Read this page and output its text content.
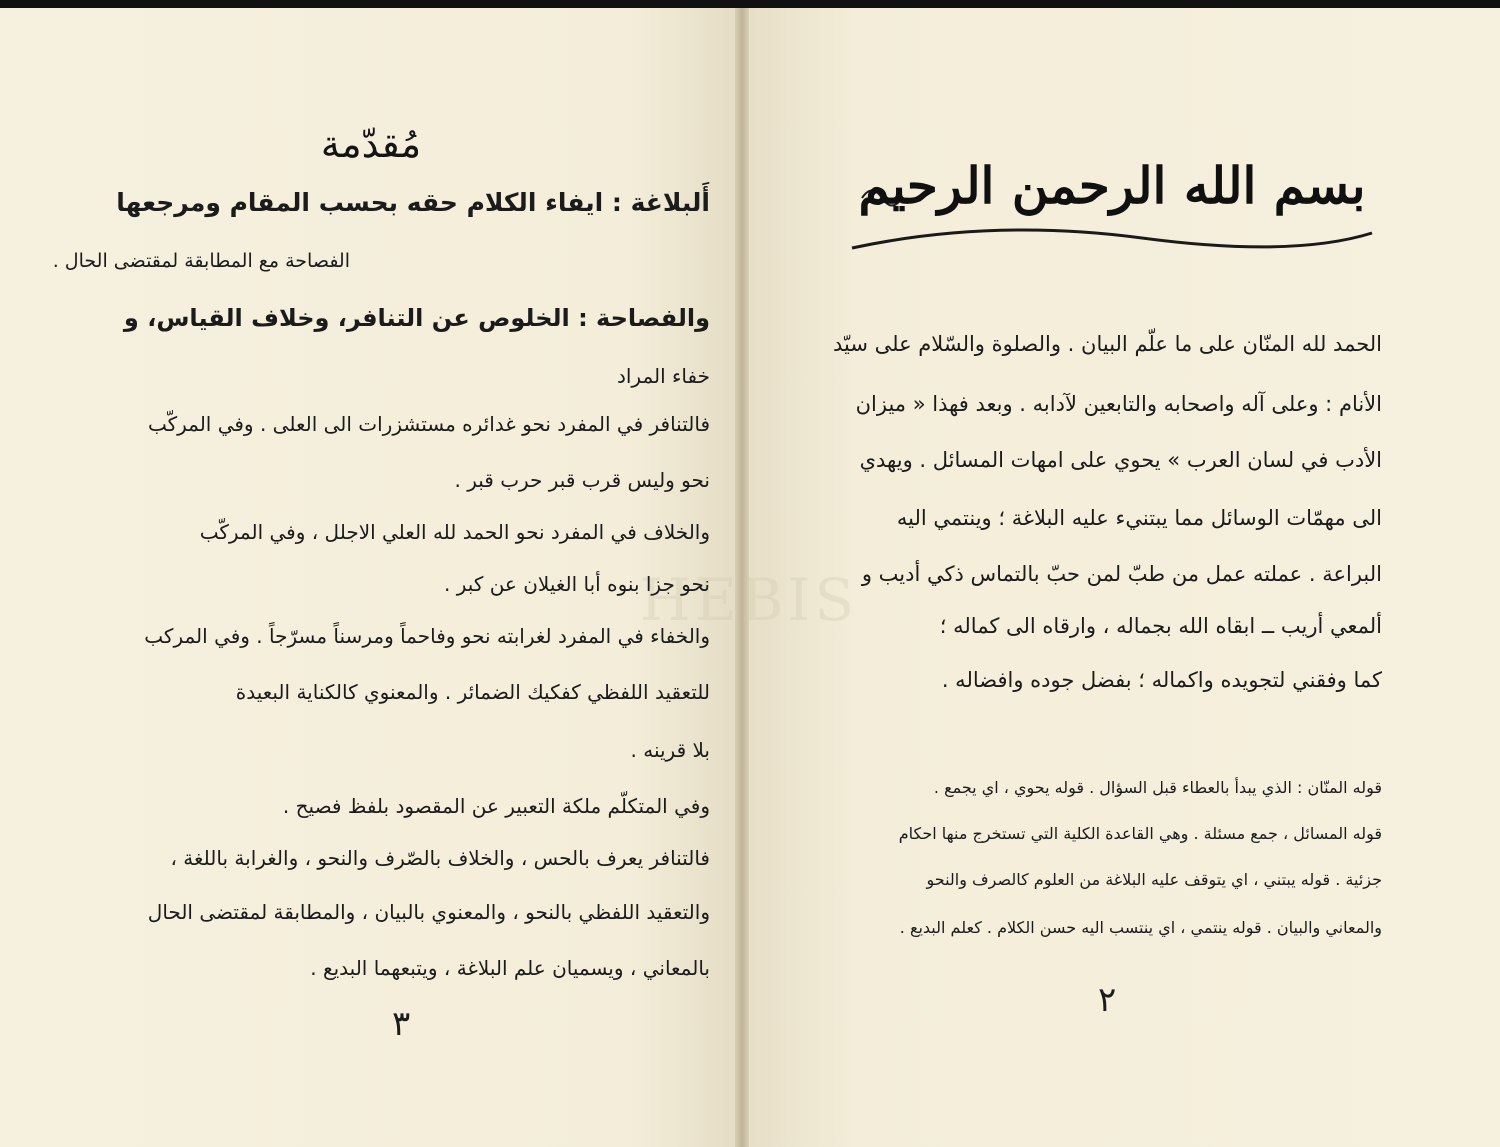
HEBIS
مُقدّمة
أَلبلاغة : ايفاء الكلام حقه بحسب المقام ومرجعها
الفصاحة مع المطابقة لمقتضى الحال .
والفصاحة : الخلوص عن التنافر، وخلاف القياس، و
خفاء المراد
فالتنافر في المفرد نحو غدائره مستشزرات الى العلى . وفي المركّب
نحو وليس قرب قبر حرب قبر .
والخلاف في المفرد نحو الحمد لله العلي الاجلل ، وفي المركّب
نحو جزا بنوه أبا الغيلان عن كبر .
والخفاء في المفرد لغرابته نحو وفاحماً ومرسناً مسرّجاً . وفي المركب
للتعقيد اللفظي كفكيك الضمائر . والمعنوي كالكناية البعيدة
بلا قرينه .
وفي المتكلّم ملكة التعبير عن المقصود بلفظ فصيح .
فالتنافر يعرف بالحس ، والخلاف بالصّرف والنحو ، والغرابة باللغة ،
والتعقيد اللفظي بالنحو ، والمعنوي بالبيان ، والمطابقة لمقتضى الحال
بالمعاني ، ويسميان علم البلاغة ، ويتبعهما البديع .
٣
بسم الله الرحمن الرحيم
الحمد لله المنّان على ما علّم البيان . والصلوة والسّلام على سيّد
الأنام : وعلى آله واصحابه والتابعين لآدابه . وبعد فهذا « ميزان
الأدب في لسان العرب » يحوي على امهات المسائل . ويهدي
الى مهمّات الوسائل مما يبتنيء عليه البلاغة ؛ وينتمي اليه
البراعة . عملته عمل من طبّ لمن حبّ بالتماس ذكي أديب و
ألمعي أريب ــ ابقاه الله بجماله ، وارقاه الى كماله ؛
كما وفقني لتجويده واكماله ؛ بفضل جوده وافضاله .
قوله المنّان : الذي يبدأ بالعطاء قبل السؤال . قوله يحوي ، اي يجمع .
قوله المسائل ، جمع مسئلة . وهي القاعدة الكلية التي تستخرج منها احكام
جزئية . قوله يبتني ، اي يتوقف عليه البلاغة من العلوم كالصرف والنحو
والمعاني والبيان . قوله ينتمي ، اي ينتسب اليه حسن الكلام . كعلم البديع .
٢
